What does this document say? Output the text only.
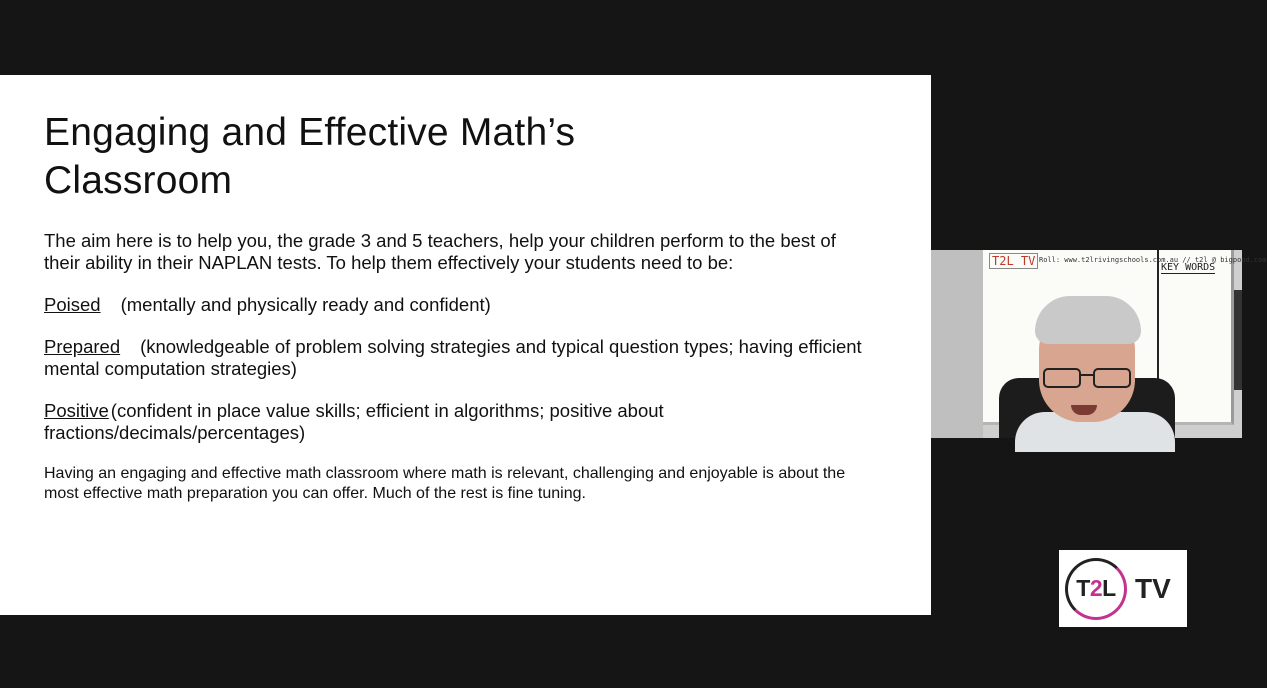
Engaging and Effective Math’s
Classroom

The aim here is to help you, the grade 3 and 5 teachers, help your children perform to the best of their ability in their NAPLAN tests. To help them effectively your students need to be:

Poised (mentally and physically ready and confident)

Prepared (knowledgeable of problem solving strategies and typical question types; having efficient mental computation strategies)

Positive (confident in place value skills; efficient in algorithms; positive about fractions/decimals/percentages)

Having an engaging and effective math classroom where math is relevant, challenging and enjoyable is about the most effective math preparation you can offer. Much of the rest is fine tuning.

T2L TV Roll: www.t2lrivingschools.com.au // t2l @ bigpond.com
KEY WORDS
T 2 L TV
